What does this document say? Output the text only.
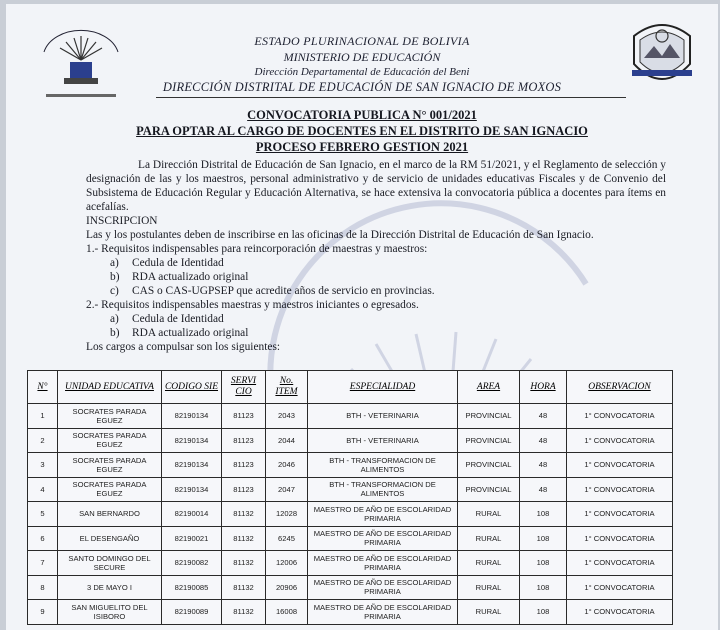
ESTADO PLURINACIONAL DE BOLIVIA
MINISTERIO DE EDUCACIÓN
Dirección Departamental de Educación del Beni
DIRECCIÓN DISTRITAL DE EDUCACIÓN DE SAN IGNACIO DE MOXOS
CONVOCATORIA PUBLICA N° 001/2021
PARA OPTAR AL CARGO DE DOCENTES EN EL DISTRITO DE SAN IGNACIO
PROCESO FEBRERO GESTION 2021

La Dirección Distrital de Educación de San Ignacio, en el marco de la RM 51/2021, y el Reglamento de selección y designación de las y los maestros, personal administrativo y de servicio de unidades educativas Fiscales y de Convenio del Subsistema de Educación Regular y Educación Alternativa, se hace extensiva la convocatoria pública a docentes para ítems en acefalías.

INSCRIPCION

Las y los postulantes deben de inscribirse en las oficinas de la Dirección Distrital de Educación de San Ignacio.

1.- Requisitos indispensables para reincorporación de maestras y maestros:

a) Cedula de Identidad

b) RDA actualizado original

c) CAS o CAS-UGPSEP que acredite años de servicio en provincias.

2.- Requisitos indispensables maestras y maestros iniciantes o egresados.

a) Cedula de Identidad

b) RDA actualizado original

Los cargos a compulsar son los siguientes:

N°	UNIDAD EDUCATIVA	CODIGO SIE	SERVI CIO	No. ITEM	ESPECIALIDAD	AREA	HORA	OBSERVACION
1	SOCRATES PARADA EGUEZ	82190134	81123	2043	BTH - VETERINARIA	PROVINCIAL	48	1° CONVOCATORIA
2	SOCRATES PARADA EGUEZ	82190134	81123	2044	BTH - VETERINARIA	PROVINCIAL	48	1° CONVOCATORIA
3	SOCRATES PARADA EGUEZ	82190134	81123	2046	BTH - TRANSFORMACION DE ALIMENTOS	PROVINCIAL	48	1° CONVOCATORIA
4	SOCRATES PARADA EGUEZ	82190134	81123	2047	BTH - TRANSFORMACION DE ALIMENTOS	PROVINCIAL	48	1° CONVOCATORIA
5	SAN BERNARDO	82190014	81132	12028	MAESTRO DE AÑO DE ESCOLARIDAD PRIMARIA	RURAL	108	1° CONVOCATORIA
6	EL DESENGAÑO	82190021	81132	6245	MAESTRO DE AÑO DE ESCOLARIDAD PRIMARIA	RURAL	108	1° CONVOCATORIA
7	SANTO DOMINGO DEL SECURE	82190082	81132	12006	MAESTRO DE AÑO DE ESCOLARIDAD PRIMARIA	RURAL	108	1° CONVOCATORIA
8	3 DE MAYO I	82190085	81132	20906	MAESTRO DE AÑO DE ESCOLARIDAD PRIMARIA	RURAL	108	1° CONVOCATORIA
9	SAN MIGUELITO DEL ISIBORO	82190089	81132	16008	MAESTRO DE AÑO DE ESCOLARIDAD PRIMARIA	RURAL	108	1° CONVOCATORIA
